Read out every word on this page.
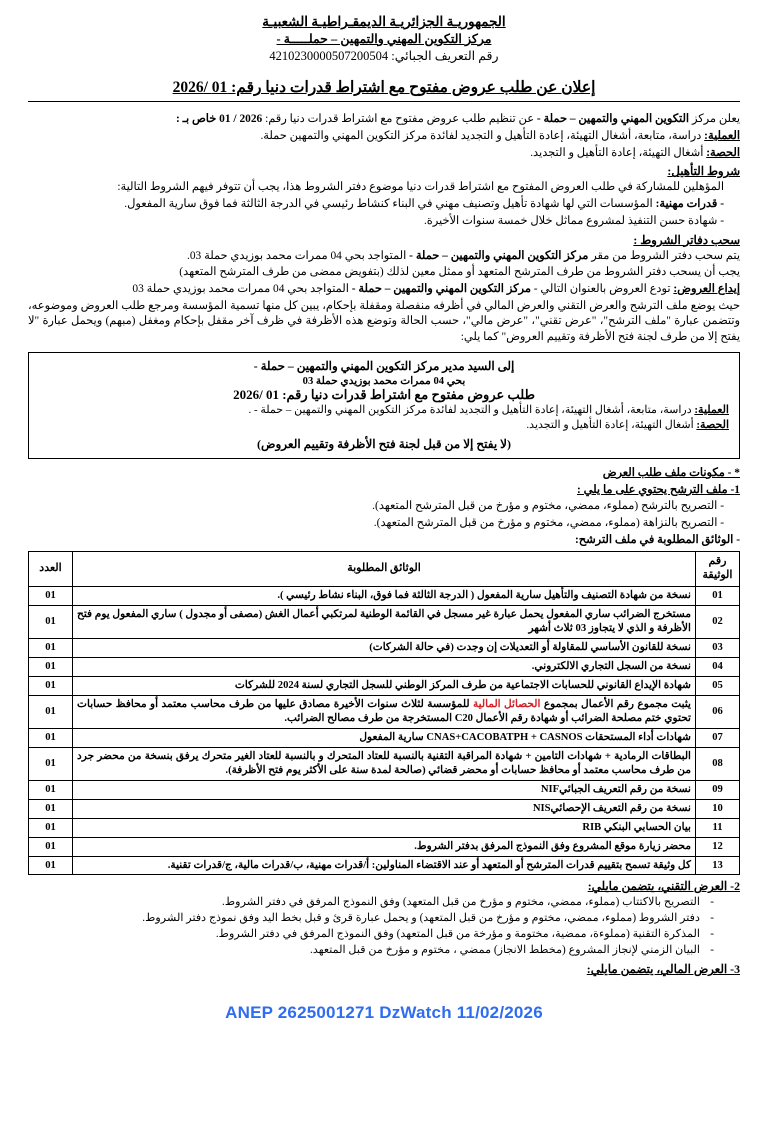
الجمهوريـة الجزائريـة الديمقـراطيـة الشعبيـة
مركز التكوين المهني والتمهين – حملـــــة -
رقم التعريف الجبائي: 4210230000507200504
إعلان عن طلب عروض مفتوح مع اشتراط قدرات دنيا رقم: 01 /2026
يعلن مركز التكوين المهني والتمهين – حملة - عن تنظيم طلب عروض مفتوح مع اشتراط قدرات دنيا رقم: 2026 / 01 خاص بـ :
العملية: دراسة، متابعة، أشغال التهيئة، إعادة التأهيل و التجديد لفائدة مركز التكوين المهني والتمهين حملة.
الحصة: أشغال التهيئة، إعادة التأهيل و التجديد.
شروط التأهيل:
المؤهلين للمشاركة في طلب العروض المفتوح مع اشتراط قدرات دنيا موضوع دفتر الشروط هذا، يجب أن تتوفر فيهم الشروط التالية:
- قدرات مهنية: المؤسسات التي لها شهادة تأهيل وتصنيف مهني في البناء كنشاط رئيسي في الدرجة الثالثة فما فوق سارية المفعول.
- شهادة حسن التنفيذ لمشروع مماثل خلال خمسة سنوات الأخيرة.
سحب دفاتر الشروط :
يتم سحب دفتر الشروط من مقر مركز التكوين المهني والتمهين – حملة - المتواجد بحي 04 ممرات محمد بوزيدي حملة 03.
يجب أن يسحب دفتر الشروط من طرف المترشح المتعهد أو ممثل معين لذلك (بتفويض ممضى من طرف المترشح المتعهد)
إيداع العروض: تودع العروض بالعنوان التالي - مركز التكوين المهني والتمهين – حملة - المتواجد بحي 04 ممرات محمد بوزيدي حملة 03
حيث يوضع ملف الترشح والعرض التقني والعرض المالي في أظرفه منفصلة ومقفلة بإحكام، يبين كل منها تسمية المؤسسة ومرجع طلب العروض وموضوعه، وتتضمن عبارة "ملف الترشح"، "عرض تقني"، "عرض مالي"، حسب الحالة وتوضع هذه الأظرفة في ظرف آخر مقفل بإحكام ومغفل (مبهم) ويحمل عبارة "لا يفتح إلا من طرف لجنة فتح الأظرفة وتقييم العروض" كما يلي:
إلى السيد مدير مركز التكوين المهني والتمهين – حملة -
بحي 04 ممرات محمد بوزيدي حملة 03
طلب عروض مفتوح مع اشتراط قدرات دنيا رقم: 01 /2026
العملية: دراسة، متابعة، أشغال التهيئة، إعادة التأهيل و التجديد لفائدة مركز التكوين المهني والتمهين – حملة - .
الحصة: أشغال التهيئة، إعادة التأهيل و التجديد.
(لا يفتح إلا من قبل لجنة فتح الأظرفة وتقييم العروض)
* - مكونات ملف طلب العرض
1- ملف الترشح يحتوي على ما يلي :
- التصريح بالترشح (مملوء، ممضي، مختوم و مؤرخ من قبل المترشح المتعهد).
- التصريح بالنزاهة (مملوء، ممضي، مختوم و مؤرخ من قبل المترشح المتعهد).
- الوثائق المطلوبة في ملف الترشح:
رقم
الوثيقة	الوثائق المطلوبة	العدد
01	نسخة من شهادة التصنيف والتأهيل سارية المفعول ( الدرجة الثالثة فما فوق، البناء نشاط رئيسي ).	01
02	مستخرج الضرائب ساري المفعول يحمل عبارة غير مسجل في القائمة الوطنية لمرتكبي أعمال الغش (مصفى أو مجدول ) ساري المفعول يوم فتح الأظرفة و الذي لا يتجاوز 03 ثلاث أشهر	01
03	نسخة للقانون الأساسي للمقاولة أو التعديلات إن وجدت (في حالة الشركات)	01
04	نسخة من السجل التجاري الالكتروني.	01
05	شهادة الإيداع القانوني للحسابات الاجتماعية من طرف المركز الوطني للسجل التجاري لسنة 2024 للشركات	01
06	يثبت مجموع رقم الأعمال بمجموع الحصائل المالية للمؤسسة لثلاث سنوات الأخيرة مصادق عليها من طرف محاسب معتمد أو محافظ حسابات تحتوي ختم مصلحة الضرائب أو شهادة رقم الأعمال C20 المستخرجة من طرف مصالح الضرائب.	01
07	شهادات أداء المستحقات CNAS+CACOBATPH + CASNOS سارية المفعول	01
08	البطاقات الرمادية + شهادات التامين + شهادة المراقبة التقنية بالنسبة للعتاد المتحرك و بالنسبة للعتاد الغير متحرك يرفق بنسخة من محضر جرد من طرف محاسب معتمد أو محافظ حسابات أو محضر قضائي (صالحة لمدة سنة على الأكثر يوم فتح الأظرفة).	01
09	نسخة من رقم التعريف الجبائيNIF	01
10	نسخة من رقم التعريف الإحصائيNIS	01
11	بيان الحسابي البنكي RIB	01
12	محضر زيارة موقع المشروع وفق النموذج المرفق بدفتر الشروط.	01
13	كل وثيقة تسمح بتقييم قدرات المترشح أو المتعهد أو عند الاقتضاء المناولين: أ/قدرات مهنية، ب/قدرات مالية، ج/قدرات تقنية.	01
2- العرض التقني، يتضمن مايلي:
- التصريح بالاكتتاب (مملوء، ممضي، مختوم و مؤرخ من قبل المتعهد) وفق النموذج المرفق في دفتر الشروط.
- دفتر الشروط (مملوء، ممضي، مختوم و مؤرخ من قبل المتعهد) و يحمل عبارة قرئ و قبل بخط اليد وفق نموذج دفتر الشروط.
- المذكرة التقنية (مملوءة، ممضية، مختومة و مؤرخة من قبل المتعهد) وفق النموذج المرفق في دفتر الشروط.
- البيان الزمني لإنجاز المشروع (مخطط الانجاز) ممضي ، مختوم و مؤرخ من قبل المتعهد.
3- العرض المالي، يتضمن مايلي:
ANEP 2625001271 DzWatch 11/02/2026
